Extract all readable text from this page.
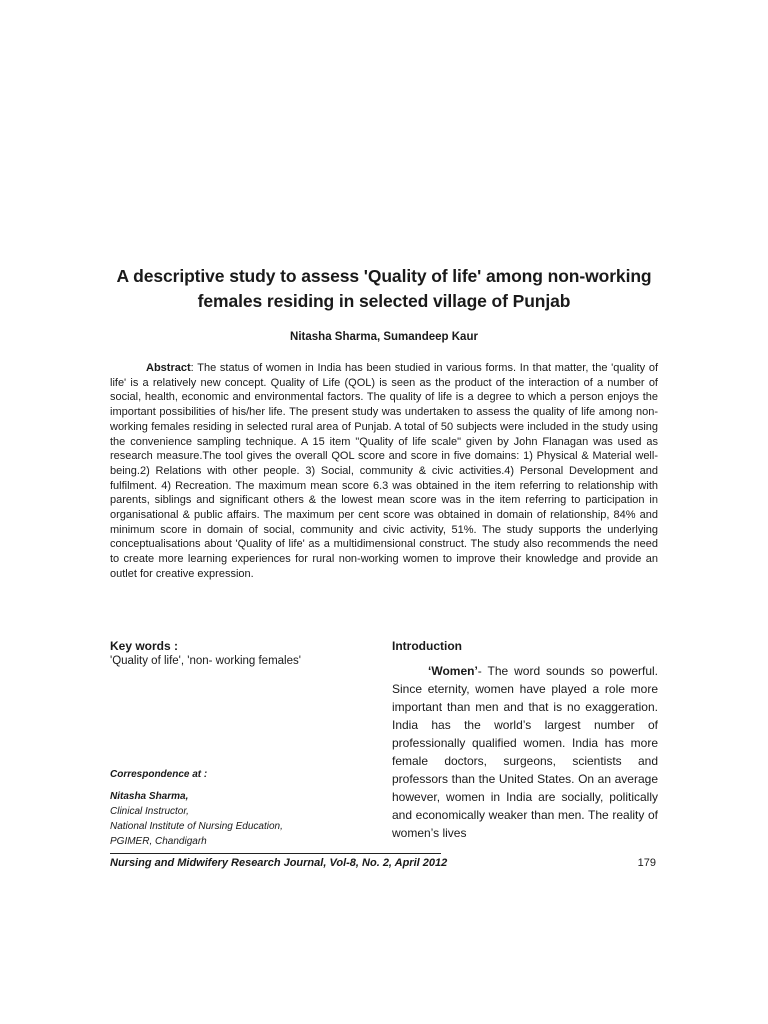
A descriptive study to assess 'Quality of life' among non-working females residing in selected village of Punjab

Nitasha Sharma, Sumandeep Kaur

Abstract: The status of women in India has been studied in various forms. In that matter, the 'quality of life' is a relatively new concept. Quality of Life (QOL) is seen as the product of the interaction of a number of social, health, economic and environmental factors. The quality of life is a degree to which a person enjoys the important possibilities of his/her life. The present study was undertaken to assess the quality of life among non-working females residing in selected rural area of Punjab. A total of 50 subjects were included in the study using the convenience sampling technique. A 15 item "Quality of life scale" given by John Flanagan was used as research measure.The tool gives the overall QOL score and score in five domains: 1) Physical & Material well-being.2) Relations with other people. 3) Social, community & civic activities.4) Personal Development and fulfilment. 4) Recreation. The maximum mean score 6.3 was obtained in the item referring to relationship with parents, siblings and significant others & the lowest mean score was in the item referring to participation in organisational & public affairs. The maximum per cent score was obtained in domain of relationship, 84% and minimum score in domain of social, community and civic activity, 51%. The study supports the underlying conceptualisations about 'Quality of life' as a multidimensional construct. The study also recommends the need to create more learning experiences for rural non-working women to improve their knowledge and provide an outlet for creative expression.

Key words :

'Quality of life', 'non- working females'

Correspondence at :

Nitasha Sharma,

Clinical Instructor,

National Institute of Nursing Education,

PGIMER, Chandigarh

Introduction

‘Women’- The word sounds so powerful. Since eternity, women have played a role more important than men and that is no exaggeration. India has the world’s largest number of professionally qualified women. India has more female doctors, surgeons, scientists and professors than the United States. On an average however, women in India are socially, politically and economically weaker than men. The reality of women’s lives

Nursing and Midwifery Research Journal, Vol-8, No. 2, April 2012	179
